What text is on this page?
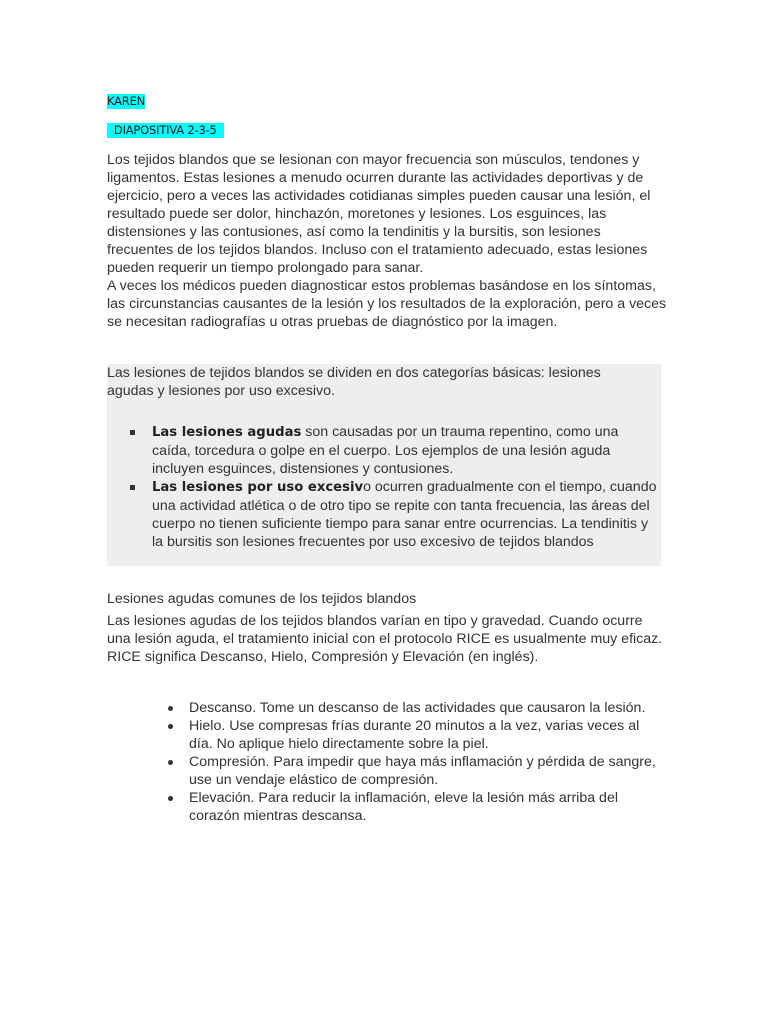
KAREN
DIAPOSITIVA 2-3-5
Los tejidos blandos que se lesionan con mayor frecuencia son músculos, tendones y ligamentos. Estas lesiones a menudo ocurren durante las actividades deportivas y de ejercicio, pero a veces las actividades cotidianas simples pueden causar una lesión, el resultado puede ser dolor, hinchazón, moretones y lesiones. Los esguinces, las distensiones y las contusiones, así como la tendinitis y la bursitis, son lesiones frecuentes de los tejidos blandos. Incluso con el tratamiento adecuado, estas lesiones pueden requerir un tiempo prolongado para sanar.
A veces los médicos pueden diagnosticar estos problemas basándose en los síntomas, las circunstancias causantes de la lesión y los resultados de la exploración, pero a veces se necesitan radiografías u otras pruebas de diagnóstico por la imagen.

Las lesiones de tejidos blandos se dividen en dos categorías básicas: lesiones agudas y lesiones por uso excesivo.

Las lesiones agudas son causadas por un trauma repentino, como una caída, torcedura o golpe en el cuerpo. Los ejemplos de una lesión aguda incluyen esguinces, distensiones y contusiones.
Las lesiones por uso excesivo ocurren gradualmente con el tiempo, cuando una actividad atlética o de otro tipo se repite con tanta frecuencia, las áreas del cuerpo no tienen suficiente tiempo para sanar entre ocurrencias. La tendinitis y la bursitis son lesiones frecuentes por uso excesivo de tejidos blandos
Lesiones agudas comunes de los tejidos blandos

Las lesiones agudas de los tejidos blandos varían en tipo y gravedad. Cuando ocurre una lesión aguda, el tratamiento inicial con el protocolo RICE es usualmente muy eficaz. RICE significa Descanso, Hielo, Compresión y Elevación (en inglés).

Descanso. Tome un descanso de las actividades que causaron la lesión.
Hielo. Use compresas frías durante 20 minutos a la vez, varias veces al día. No aplique hielo directamente sobre la piel.
Compresión. Para impedir que haya más inflamación y pérdida de sangre, use un vendaje elástico de compresión.
Elevación. Para reducir la inflamación, eleve la lesión más arriba del corazón mientras descansa.
